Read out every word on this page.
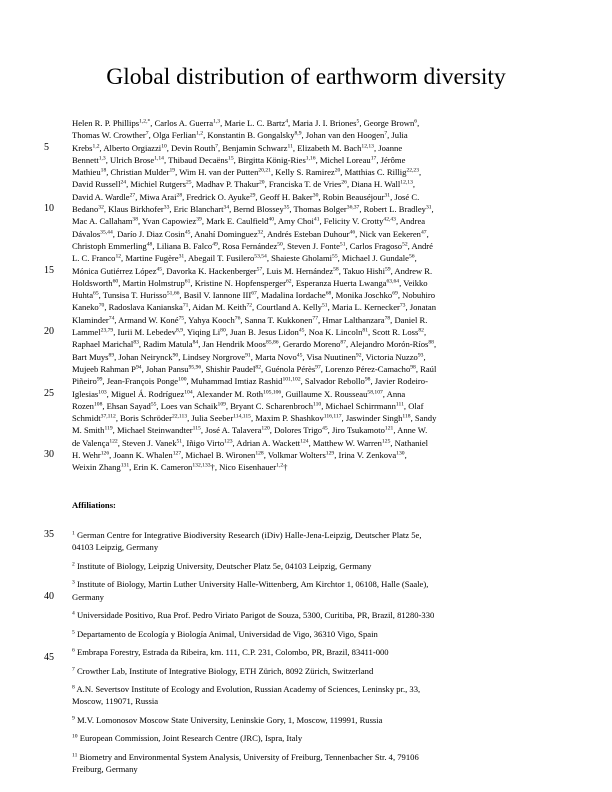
Global distribution of earthworm diversity
5
10
15
20
25
30
35
40
45
Helen R. P. Phillips$^{1,2,*}$, Carlos A. Guerra$^{1,3}$, Marie L. C. Bartz$^4$, Maria J. I. Briones$^5$, George Brown$^6$,
Thomas W. Crowther$^7$, Olga Ferlian$^{1,2}$, Konstantin B. Gongalsky$^{8,9}$, Johan van den Hoogen$^7$, Julia
Krebs$^{1,2}$, Alberto Orgiazzi$^{10}$, Devin Routh$^7$, Benjamin Schwarz$^{11}$, Elizabeth M. Bach$^{12,13}$, Joanne
Bennett$^{1,3}$, Ulrich Brose$^{1,14}$, Thibaud Decaëns$^{15}$, Birgitta König-Ries$^{1,16}$, Michel Loreau$^{17}$, Jérôme
Mathieu$^{18}$, Christian Mulder$^{19}$, Wim H. van der Putten$^{20,21}$, Kelly S. Ramirez$^{20}$, Matthias C. Rillig$^{22,23}$,
David Russell$^{24}$, Michiel Rutgers$^{25}$, Madhav P. Thakur$^{20}$, Franciska T. de Vries$^{26}$, Diana H. Wall$^{12,13}$,
David A. Wardle$^{27}$, Miwa Arai$^{28}$, Fredrick O. Ayuke$^{29}$, Geoff H. Baker$^{30}$, Robin Beauséjour$^{31}$, José C.
Bedano$^{32}$, Klaus Birkhofer$^{33}$, Eric Blanchart$^{34}$, Bernd Blossey$^{35}$, Thomas Bolger$^{36,37}$, Robert L. Bradley$^{31}$,
Mac A. Callaham$^{38}$, Yvan Capowiez$^{39}$, Mark E. Caulfield$^{40}$, Amy Choi$^{41}$, Felicity V. Crotty$^{42,43}$, Andrea
Dávalos$^{35,44}$, Darío J. Diaz Cosin$^{45}$, Anahí Dominguez$^{32}$, Andrés Esteban Duhour$^{46}$, Nick van Eekeren$^{47}$,
Christoph Emmerling$^{48}$, Liliana B. Falco$^{49}$, Rosa Fernández$^{50}$, Steven J. Fonte$^{51}$, Carlos Fragoso$^{52}$, André
L. C. Franco$^{12}$, Martine Fugère$^{31}$, Abegail T. Fusilero$^{53,54}$, Shaieste Gholami$^{55}$, Michael J. Gundale$^{56}$,
Mónica Gutiérrez López$^{45}$, Davorka K. Hackenberger$^{57}$, Luis M. Hernández$^{58}$, Takuo Hishi$^{59}$, Andrew R.
Holdsworth$^{60}$, Martin Holmstrup$^{61}$, Kristine N. Hopfensperger$^{62}$, Esperanza Huerta Lwanga$^{63,64}$, Veikko
Huhta$^{65}$, Tunsisa T. Hurisso$^{51,66}$, Basil V. Iannone III$^{67}$, Madalina Iordache$^{68}$, Monika Joschko$^{69}$, Nobuhiro
Kaneko$^{70}$, Radoslava Kanianska$^{71}$, Aidan M. Keith$^{72}$, Courtland A. Kelly$^{51}$, Maria L. Kernecker$^{73}$, Jonatan
Klaminder$^{74}$, Armand W. Koné$^{75}$, Yahya Kooch$^{76}$, Sanna T. Kukkonen$^{77}$, Hmar Lalthanzara$^{78}$, Daniel R.
Lammel$^{23,79}$, Iurii M. Lebedev$^{8,9}$, Yiqing Li$^{80}$, Juan B. Jesus Lidon$^{45}$, Noa K. Lincoln$^{81}$, Scott R. Loss$^{82}$,
Raphael Marichal$^{83}$, Radim Matula$^{84}$, Jan Hendrik Moos$^{85,86}$, Gerardo Moreno$^{87}$, Alejandro Morón-Ríos$^{88}$,
Bart Muys$^{89}$, Johan Neirynck$^{90}$, Lindsey Norgrove$^{91}$, Marta Novo$^{45}$, Visa Nuutinen$^{92}$, Victoria Nuzzo$^{93}$,
Mujeeb Rahman $P^{94}$, Johan Pansu$^{95,96}$, Shishir Paudel$^{82}$, Guénola Pérès$^{97}$, Lorenzo Pérez-Camacho$^{98}$, Raúl
Piñeiro$^{99}$, Jean-François Ponge$^{100}$, Muhammad Imtiaz Rashid$^{101,102}$, Salvador Rebollo$^{98}$, Javier Rodeiro-
Iglesias$^{103}$, Miguel Á. Rodríguez$^{104}$, Alexander M. Roth$^{105,106}$, Guillaume X. Rousseau$^{58,107}$, Anna
Rozen$^{108}$, Ehsan Sayad$^{55}$, Loes van Schaik$^{109}$, Bryant C. Scharenbroch$^{110}$, Michael Schirrmann$^{111}$, Olaf
Schmidt$^{37,112}$, Boris Schröder$^{22,113}$, Julia Seeber$^{114,115}$, Maxim P. Shashkov$^{116,117}$, Jaswinder Singh$^{118}$, Sandy
M. Smith$^{119}$, Michael Steinwandter$^{115}$, José A. Talavera$^{120}$, Dolores Trigo$^{45}$, Jiro Tsukamoto$^{121}$, Anne W.
de Valença$^{122}$, Steven J. Vanek$^{51}$, Iñigo Virto$^{123}$, Adrian A. Wackett$^{124}$, Matthew W. Warren$^{125}$, Nathaniel
H. Wehr$^{126}$, Joann K. Whalen$^{127}$, Michael B. Wironen$^{128}$, Volkmar Wolters$^{129}$, Irina V. Zenkova$^{130}$,
Weixin Zhang$^{131}$, Erin K. Cameron$^{132,133}$†, Nico Eisenhauer$^{1,2}$†
Affiliations:
$^1$ German Centre for Integrative Biodiversity Research (iDiv) Halle-Jena-Leipzig, Deutscher Platz 5e,
04103 Leipzig, Germany
$^2$ Institute of Biology, Leipzig University, Deutscher Platz 5e, 04103 Leipzig, Germany
$^3$ Institute of Biology, Martin Luther University Halle-Wittenberg, Am Kirchtor 1, 06108, Halle (Saale),
Germany
$^4$ Universidade Positivo, Rua Prof. Pedro Viriato Parigot de Souza, 5300, Curitiba, PR, Brazil, 81280-330
$^5$ Departamento de Ecología y Biología Animal, Universidad de Vigo, 36310 Vigo, Spain
$^6$ Embrapa Forestry, Estrada da Ribeira, km. 111, C.P. 231, Colombo, PR, Brazil, 83411-000
$^7$ Crowther Lab, Institute of Integrative Biology, ETH Zürich, 8092 Zürich, Switzerland
$^8$ A.N. Severtsov Institute of Ecology and Evolution, Russian Academy of Sciences, Leninsky pr., 33,
Moscow, 119071, Russia
$^9$ M.V. Lomonosov Moscow State University, Leninskie Gory, 1, Moscow, 119991, Russia
$^{10}$ European Commission, Joint Research Centre (JRC), Ispra, Italy
$^{11}$ Biometry and Environmental System Analysis, University of Freiburg, Tennenbacher Str. 4, 79106
Freiburg, Germany
